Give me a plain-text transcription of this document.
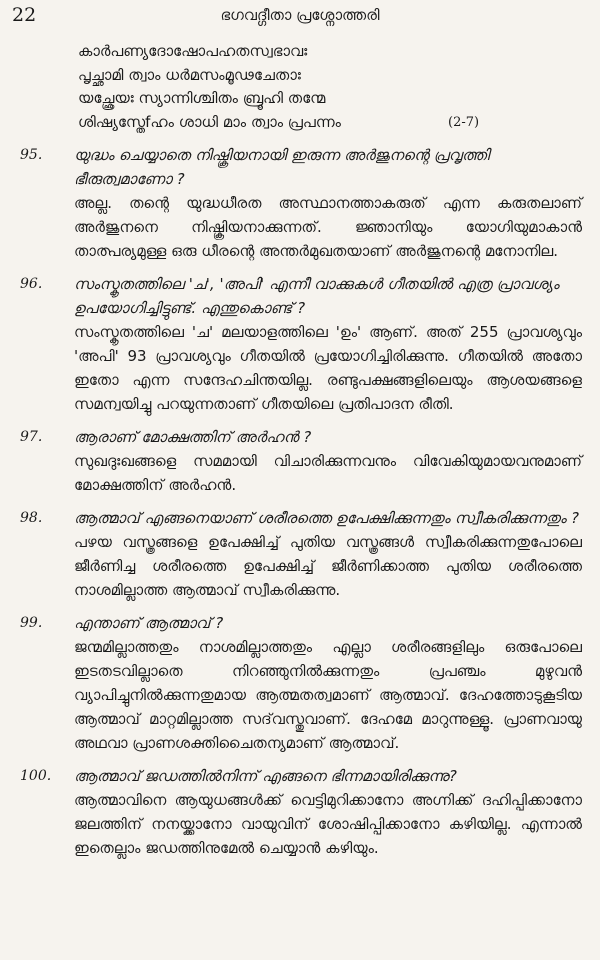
22	ഭഗവദ്ഗീതാ പ്രശ്നോത്തരി
കാർപണ്യദോഷോപഹതസ്വഭാവഃ
പൃച്ഛാമി ത്വാം ധർമസംമൂഢചേതാഃ
യച്ഛ്രേയഃ സ്യാന്നിശ്ചിതം ബ്രൂഹി തന്മേ
ശിഷ്യസ്തേfഹം ശാധി മാം ത്വാം പ്രപന്നം	(2-7)
95.	യുദ്ധം ചെയ്യാതെ നിഷ്ക്രിയനായി ഇരുന്ന അർജുനന്റെ പ്രവൃത്തി ഭീരുത്വമാണോ ?
അല്ല. തന്റെ യുദ്ധധീരത അസ്ഥാനത്താകരുത് എന്ന കരുതലാണ് അർജുനനെ നിഷ്ക്രിയനാക്കുന്നത്. ജ്ഞാനിയും യോഗിയുമാകാൻ താത്പര്യമുള്ള ഒരു ധീരന്റെ അന്തർമുഖതയാണ് അർജുനന്റെ മനോനില.
96.	സംസ്കൃതത്തിലെ 'ച', 'അപി' എന്നീ വാക്കുകൾ ഗീതയിൽ എത്ര പ്രാവശ്യം ഉപയോഗിച്ചിട്ടുണ്ട്. എന്തുകൊണ്ട് ?
സംസ്കൃതത്തിലെ 'ച' മലയാളത്തിലെ 'ഉം' ആണ്. അത് 255 പ്രാവശ്യവും 'അപി' 93 പ്രാവശ്യവും ഗീതയിൽ പ്രയോഗിച്ചിരിക്കുന്നു. ഗീതയിൽ അതോ ഇതോ എന്ന സന്ദേഹചിന്തയില്ല. രണ്ടുപക്ഷങ്ങളിലെയും ആശയങ്ങളെ സമന്വയിച്ചു പറയുന്നതാണ് ഗീതയിലെ പ്രതിപാദന രീതി.
97.	ആരാണ് മോക്ഷത്തിന് അർഹൻ ?
സുഖദുഃഖങ്ങളെ സമമായി വിചാരിക്കുന്നവനും വിവേകിയുമായവനുമാണ് മോക്ഷത്തിന് അർഹൻ.
98.	ആത്മാവ് എങ്ങനെയാണ് ശരീരത്തെ ഉപേക്ഷിക്കുന്നതും സ്വീകരിക്കുന്നതും ?
പഴയ വസ്ത്രങ്ങളെ ഉപേക്ഷിച്ച് പുതിയ വസ്ത്രങ്ങൾ സ്വീകരിക്കുന്നതുപോലെ ജീർണിച്ച ശരീരത്തെ ഉപേക്ഷിച്ച് ജീർണിക്കാത്ത പുതിയ ശരീരത്തെ നാശമില്ലാത്ത ആത്മാവ് സ്വീകരിക്കുന്നു.
99.	എന്താണ് ആത്മാവ് ?
ജന്മമില്ലാത്തതും നാശമില്ലാത്തതും എല്ലാ ശരീരങ്ങളിലും ഒരുപോലെ ഇടതടവില്ലാതെ നിറഞ്ഞുനിൽക്കുന്നതും പ്രപഞ്ചം മുഴുവൻ വ്യാപിച്ചുനിൽക്കുന്നതുമായ ആത്മതത്വമാണ് ആത്മാവ്. ദേഹത്തോടുകൂടിയ ആത്മാവ് മാറ്റമില്ലാത്ത സദ്‌വസ്തുവാണ്. ദേഹമേ മാറുന്നുള്ളൂ. പ്രാണവായു അഥവാ പ്രാണശക്തിചൈതന്യമാണ് ആത്മാവ്.
100.	ആത്മാവ് ജഡത്തിൽനിന്ന് എങ്ങനെ ഭിന്നമായിരിക്കുന്നു?
ആത്മാവിനെ ആയുധങ്ങൾക്ക് വെട്ടിമുറിക്കാനോ അഗ്നിക്ക് ദഹിപ്പിക്കാനോ ജലത്തിന് നനയ്ക്കാനോ വായുവിന് ശോഷിപ്പിക്കാനോ കഴിയില്ല. എന്നാൽ ഇതെല്ലാം ജഡത്തിനുമേൽ ചെയ്യാൻ കഴിയും.
